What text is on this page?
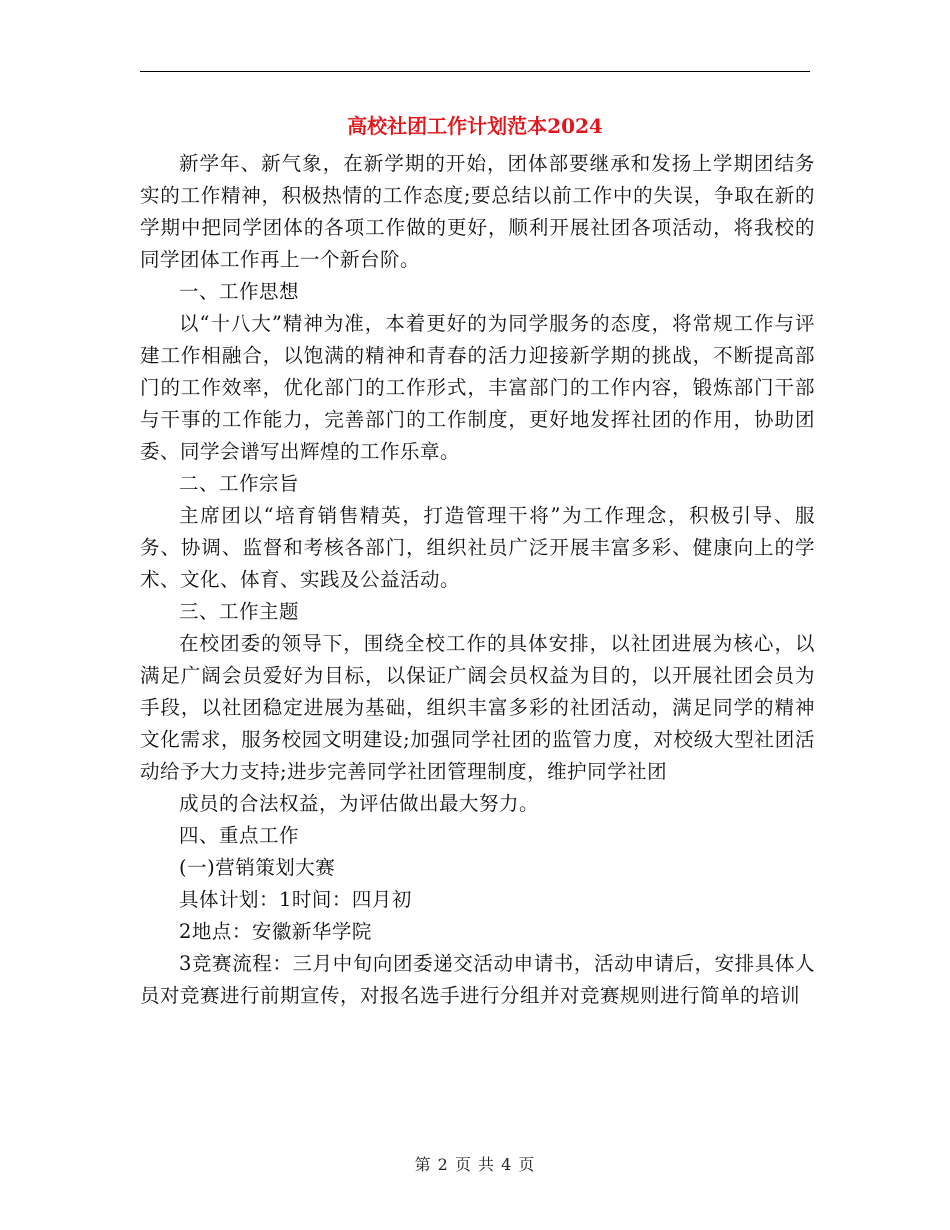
高校社团工作计划范本2024

新学年、新气象，在新学期的开始，团体部要继承和发扬上学期团结务实的工作精神，积极热情的工作态度;要总结以前工作中的失误，争取在新的学期中把同学团体的各项工作做的更好，顺利开展社团各项活动，将我校的同学团体工作再上一个新台阶。

一、工作思想

以“十八大”精神为准，本着更好的为同学服务的态度，将常规工作与评建工作相融合，以饱满的精神和青春的活力迎接新学期的挑战，不断提高部门的工作效率，优化部门的工作形式，丰富部门的工作内容，锻炼部门干部与干事的工作能力，完善部门的工作制度，更好地发挥社团的作用，协助团委、同学会谱写出辉煌的工作乐章。

二、工作宗旨

主席团以“培育销售精英，打造管理干将”为工作理念，积极引导、服务、协调、监督和考核各部门，组织社员广泛开展丰富多彩、健康向上的学术、文化、体育、实践及公益活动。

三、工作主题

在校团委的领导下，围绕全校工作的具体安排，以社团进展为核心，以满足广阔会员爱好为目标，以保证广阔会员权益为目的，以开展社团会员为手段，以社团稳定进展为基础，组织丰富多彩的社团活动，满足同学的精神文化需求，服务校园文明建设;加强同学社团的监管力度，对校级大型社团活动给予大力支持;进步完善同学社团管理制度，维护同学社团

成员的合法权益，为评估做出最大努力。

四、重点工作

(一)营销策划大赛

具体计划：1时间：四月初

2地点：安徽新华学院

3竞赛流程：三月中旬向团委递交活动申请书，活动申请后，安排具体人员对竞赛进行前期宣传，对报名选手进行分组并对竞赛规则进行简单的培训

第 2 页 共 4 页
